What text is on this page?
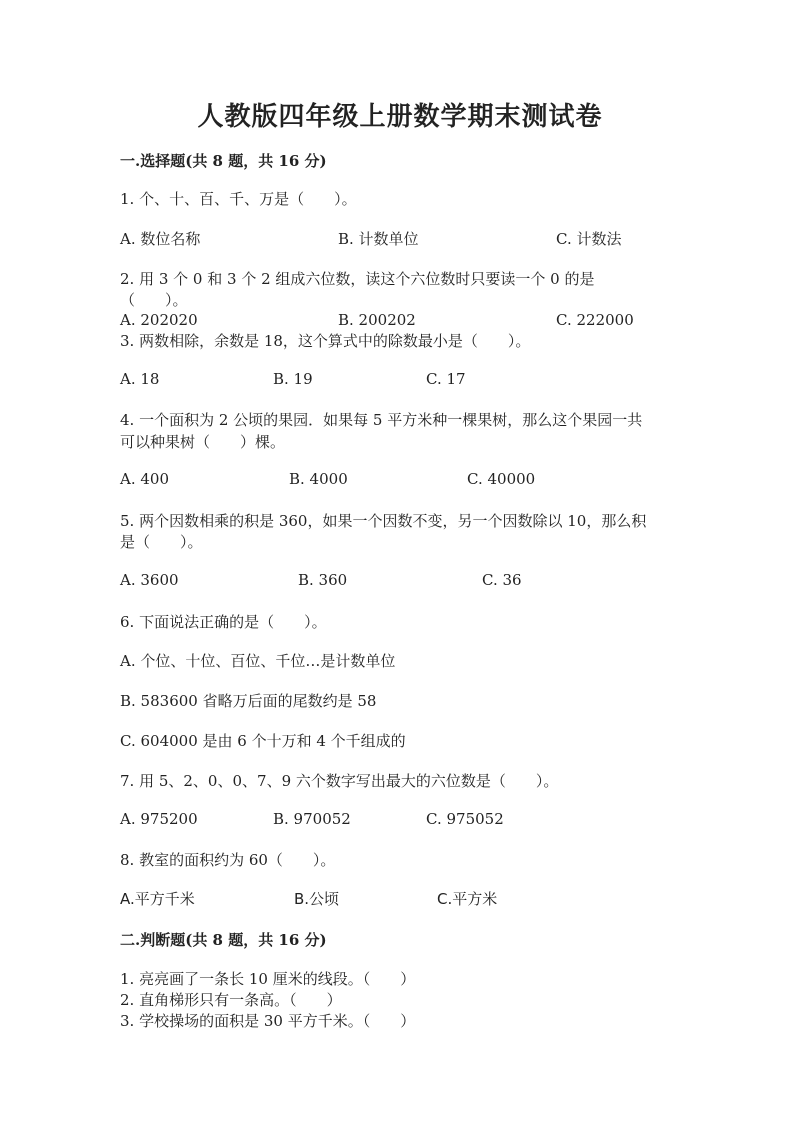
人教版四年级上册数学期末测试卷
一.选择题(共 8 题，共 16 分)
1. 个、十、百、千、万是（　　）。
A. 数位名称	B. 计数单位	C. 计数法
2. 用 3 个 0 和 3 个 2 组成六位数，读这个六位数时只要读一个 0 的是
（　　）。
A. 202020	B. 200202	C. 222000
3. 两数相除，余数是 18，这个算式中的除数最小是（　　）。
A. 18	B. 19	C. 17
4. 一个面积为 2 公顷的果园．如果每 5 平方米种一棵果树，那么这个果园一共
可以种果树（　　）棵。
A. 400	B. 4000	C. 40000
5. 两个因数相乘的积是 360，如果一个因数不变，另一个因数除以 10，那么积
是（　　）。
A. 3600	B. 360	C. 36
6. 下面说法正确的是（　　）。
A. 个位、十位、百位、千位…是计数单位
B. 583600 省略万后面的尾数约是 58
C. 604000 是由 6 个十万和 4 个千组成的
7. 用 5、2、0、0、7、9 六个数字写出最大的六位数是（　　）。
A. 975200	B. 970052	C. 975052
8. 教室的面积约为 60（　　）。
A.平方千米	B.公顷	C.平方米
二.判断题(共 8 题，共 16 分)
1. 亮亮画了一条长 10 厘米的线段。（　　）
2. 直角梯形只有一条高。（　　）
3. 学校操场的面积是 30 平方千米。（　　）
